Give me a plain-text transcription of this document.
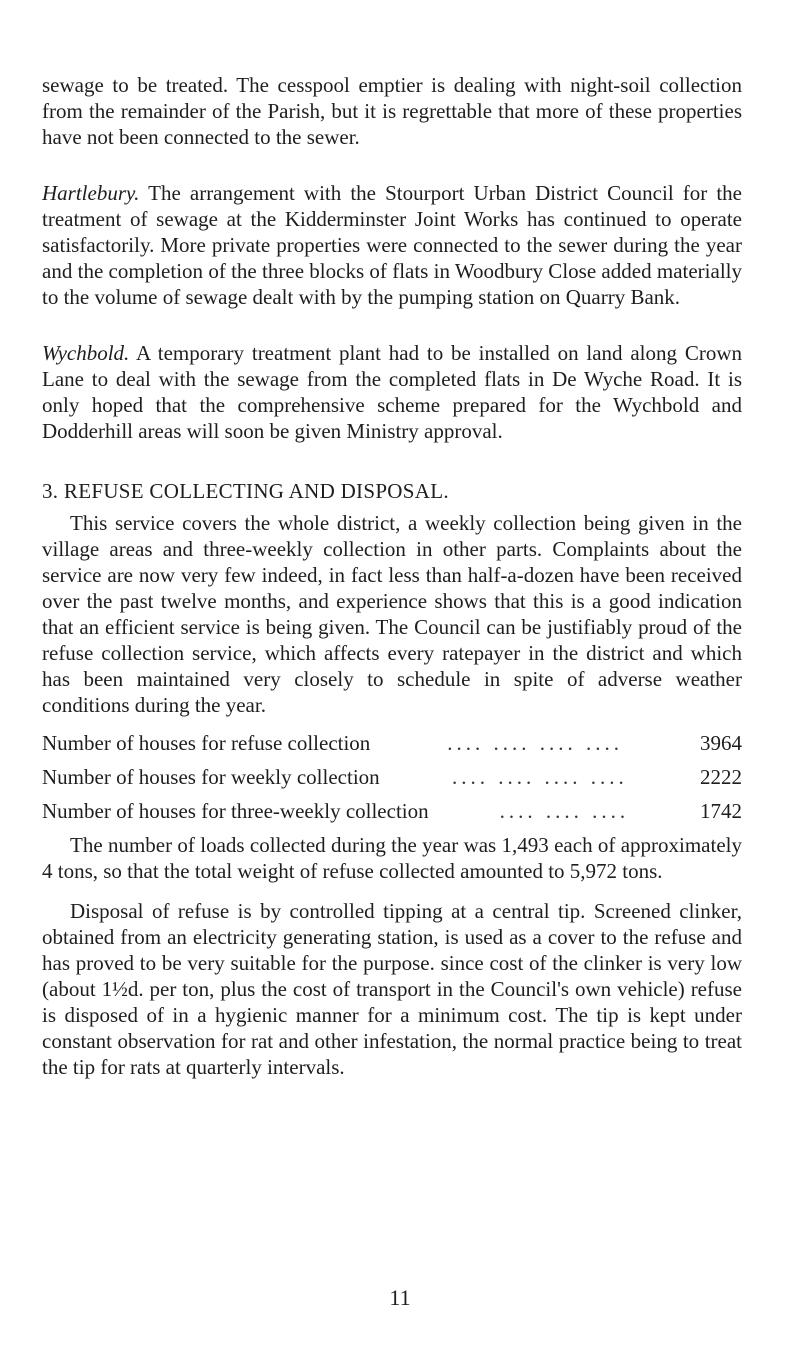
sewage to be treated. The cesspool emptier is dealing with night-soil collection from the remainder of the Parish, but it is regrettable that more of these properties have not been connected to the sewer.

Hartlebury. The arrangement with the Stourport Urban District Council for the treatment of sewage at the Kidderminster Joint Works has continued to operate satisfactorily. More private properties were connected to the sewer during the year and the completion of the three blocks of flats in Woodbury Close added materially to the volume of sewage dealt with by the pumping station on Quarry Bank.

Wychbold. A temporary treatment plant had to be installed on land along Crown Lane to deal with the sewage from the completed flats in De Wyche Road. It is only hoped that the comprehensive scheme prepared for the Wychbold and Dodderhill areas will soon be given Ministry approval.

3. REFUSE COLLECTING AND DISPOSAL.

This service covers the whole district, a weekly collection being given in the village areas and three-weekly collection in other parts. Complaints about the service are now very few indeed, in fact less than half-a-dozen have been received over the past twelve months, and experience shows that this is a good indication that an efficient service is being given. The Council can be justifiably proud of the refuse collection service, which affects every ratepayer in the district and which has been maintained very closely to schedule in spite of adverse weather conditions during the year.

Number of houses for refuse collection	.... .... .... ....	3964
Number of houses for weekly collection	.... .... .... ....	2222
Number of houses for three-weekly collection	.... .... ....	1742

The number of loads collected during the year was 1,493 each of approximately 4 tons, so that the total weight of refuse collected amounted to 5,972 tons.

Disposal of refuse is by controlled tipping at a central tip. Screened clinker, obtained from an electricity generating station, is used as a cover to the refuse and has proved to be very suitable for the purpose. since cost of the clinker is very low (about 1½d. per ton, plus the cost of transport in the Council's own vehicle) refuse is disposed of in a hygienic manner for a minimum cost. The tip is kept under constant observation for rat and other infestation, the normal practice being to treat the tip for rats at quarterly intervals.

11
